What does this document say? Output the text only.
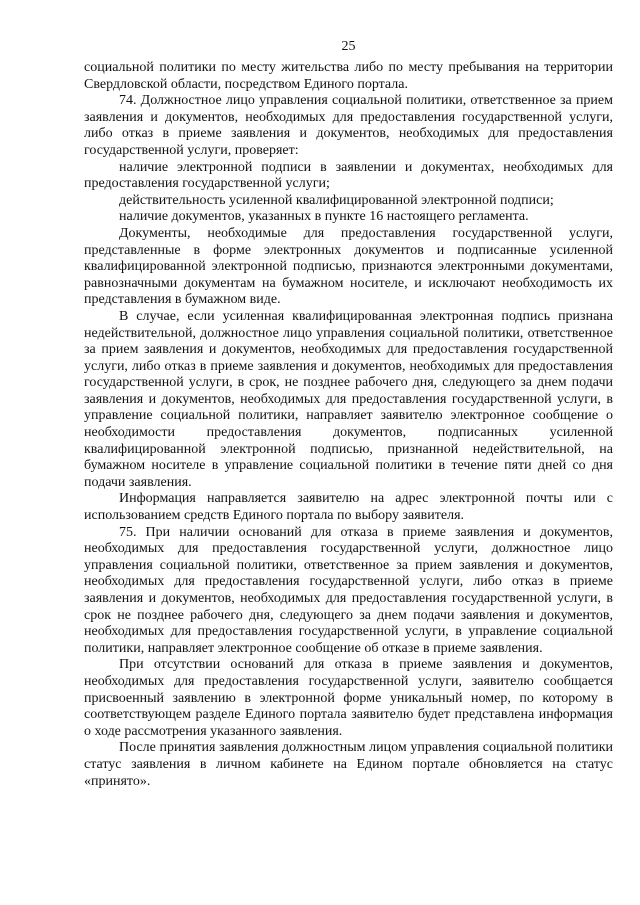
25

социальной политики по месту жительства либо по месту пребывания на территории Свердловской области, посредством Единого портала.

74. Должностное лицо управления социальной политики, ответственное за прием заявления и документов, необходимых для предоставления государственной услуги, либо отказ в приеме заявления и документов, необходимых для предоставления государственной услуги, проверяет:

наличие электронной подписи в заявлении и документах, необходимых для предоставления государственной услуги;

действительность усиленной квалифицированной электронной подписи;

наличие документов, указанных в пункте 16 настоящего регламента.

Документы, необходимые для предоставления государственной услуги, представленные в форме электронных документов и подписанные усиленной квалифицированной электронной подписью, признаются электронными документами, равнозначными документам на бумажном носителе, и исключают необходимость их представления в бумажном виде.

В случае, если усиленная квалифицированная электронная подпись признана недействительной, должностное лицо управления социальной политики, ответственное за прием заявления и документов, необходимых для предоставления государственной услуги, либо отказ в приеме заявления и документов, необходимых для предоставления государственной услуги, в срок, не позднее рабочего дня, следующего за днем подачи заявления и документов, необходимых для предоставления государственной услуги, в управление социальной политики, направляет заявителю электронное сообщение о необходимости предоставления документов, подписанных усиленной квалифицированной электронной подписью, признанной недействительной, на бумажном носителе в управление социальной политики в течение пяти дней со дня подачи заявления.

Информация направляется заявителю на адрес электронной почты или с использованием средств Единого портала по выбору заявителя.

75. При наличии оснований для отказа в приеме заявления и документов, необходимых для предоставления государственной услуги, должностное лицо управления социальной политики, ответственное за прием заявления и документов, необходимых для предоставления государственной услуги, либо отказ в приеме заявления и документов, необходимых для предоставления государственной услуги, в срок не позднее рабочего дня, следующего за днем подачи заявления и документов, необходимых для предоставления государственной услуги, в управление социальной политики, направляет электронное сообщение об отказе в приеме заявления.

При отсутствии оснований для отказа в приеме заявления и документов, необходимых для предоставления государственной услуги, заявителю сообщается присвоенный заявлению в электронной форме уникальный номер, по которому в соответствующем разделе Единого портала заявителю будет представлена информация о ходе рассмотрения указанного заявления.

После принятия заявления должностным лицом управления социальной политики статус заявления в личном кабинете на Едином портале обновляется на статус «принято».
